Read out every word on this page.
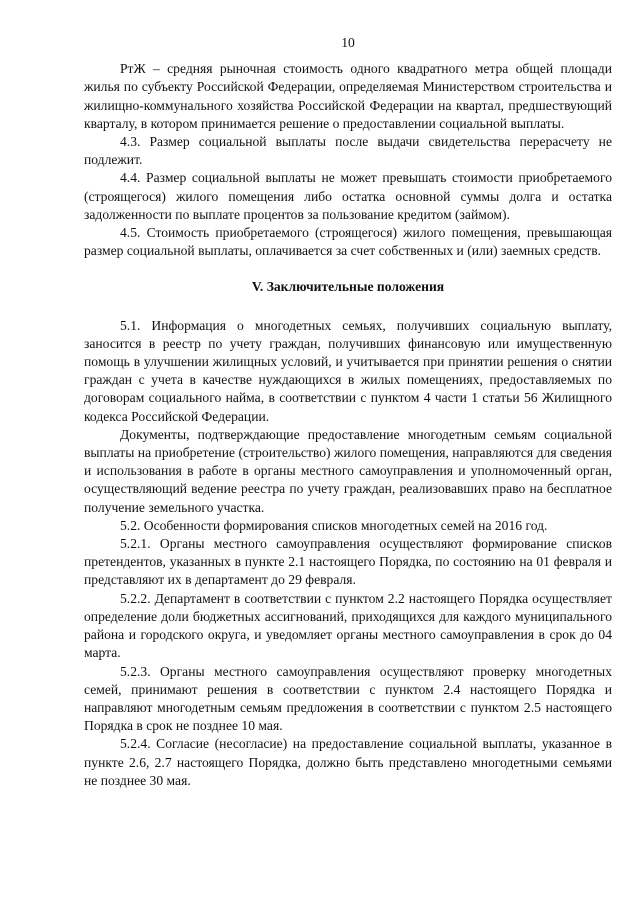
10

РтЖ – средняя рыночная стоимость одного квадратного метра общей площади жилья по субъекту Российской Федерации, определяемая Министерством строительства и жилищно-коммунального хозяйства Российской Федерации на квартал, предшествующий кварталу, в котором принимается решение о предоставлении социальной выплаты.

4.3. Размер социальной выплаты после выдачи свидетельства перерасчету не подлежит.

4.4. Размер социальной выплаты не может превышать стоимости приобретаемого (строящегося) жилого помещения либо остатка основной суммы долга и остатка задолженности по выплате процентов за пользование кредитом (займом).

4.5. Стоимость приобретаемого (строящегося) жилого помещения, превышающая размер социальной выплаты, оплачивается за счет собственных и (или) заемных средств.

V. Заключительные положения

5.1. Информация о многодетных семьях, получивших социальную выплату, заносится в реестр по учету граждан, получивших финансовую или имущественную помощь в улучшении жилищных условий, и учитывается при принятии решения о снятии граждан с учета в качестве нуждающихся в жилых помещениях, предоставляемых по договорам социального найма, в соответствии с пунктом 4 части 1 статьи 56 Жилищного кодекса Российской Федерации.

Документы, подтверждающие предоставление многодетным семьям социальной выплаты на приобретение (строительство) жилого помещения, направляются для сведения и использования в работе в органы местного самоуправления и уполномоченный орган, осуществляющий ведение реестра по учету граждан, реализовавших право на бесплатное получение земельного участка.

5.2. Особенности формирования списков многодетных семей на 2016 год.

5.2.1. Органы местного самоуправления осуществляют формирование списков претендентов, указанных в пункте 2.1 настоящего Порядка, по состоянию на 01 февраля и представляют их в департамент до 29 февраля.

5.2.2. Департамент в соответствии с пунктом 2.2 настоящего Порядка осуществляет определение доли бюджетных ассигнований, приходящихся для каждого муниципального района и городского округа, и уведомляет органы местного самоуправления в срок до 04 марта.

5.2.3. Органы местного самоуправления осуществляют проверку многодетных семей, принимают решения в соответствии с пунктом 2.4 настоящего Порядка и направляют многодетным семьям предложения в соответствии с пунктом 2.5 настоящего Порядка в срок не позднее 10 мая.

5.2.4. Согласие (несогласие) на предоставление социальной выплаты, указанное в пункте 2.6, 2.7 настоящего Порядка, должно быть представлено многодетными семьями не позднее 30 мая.
